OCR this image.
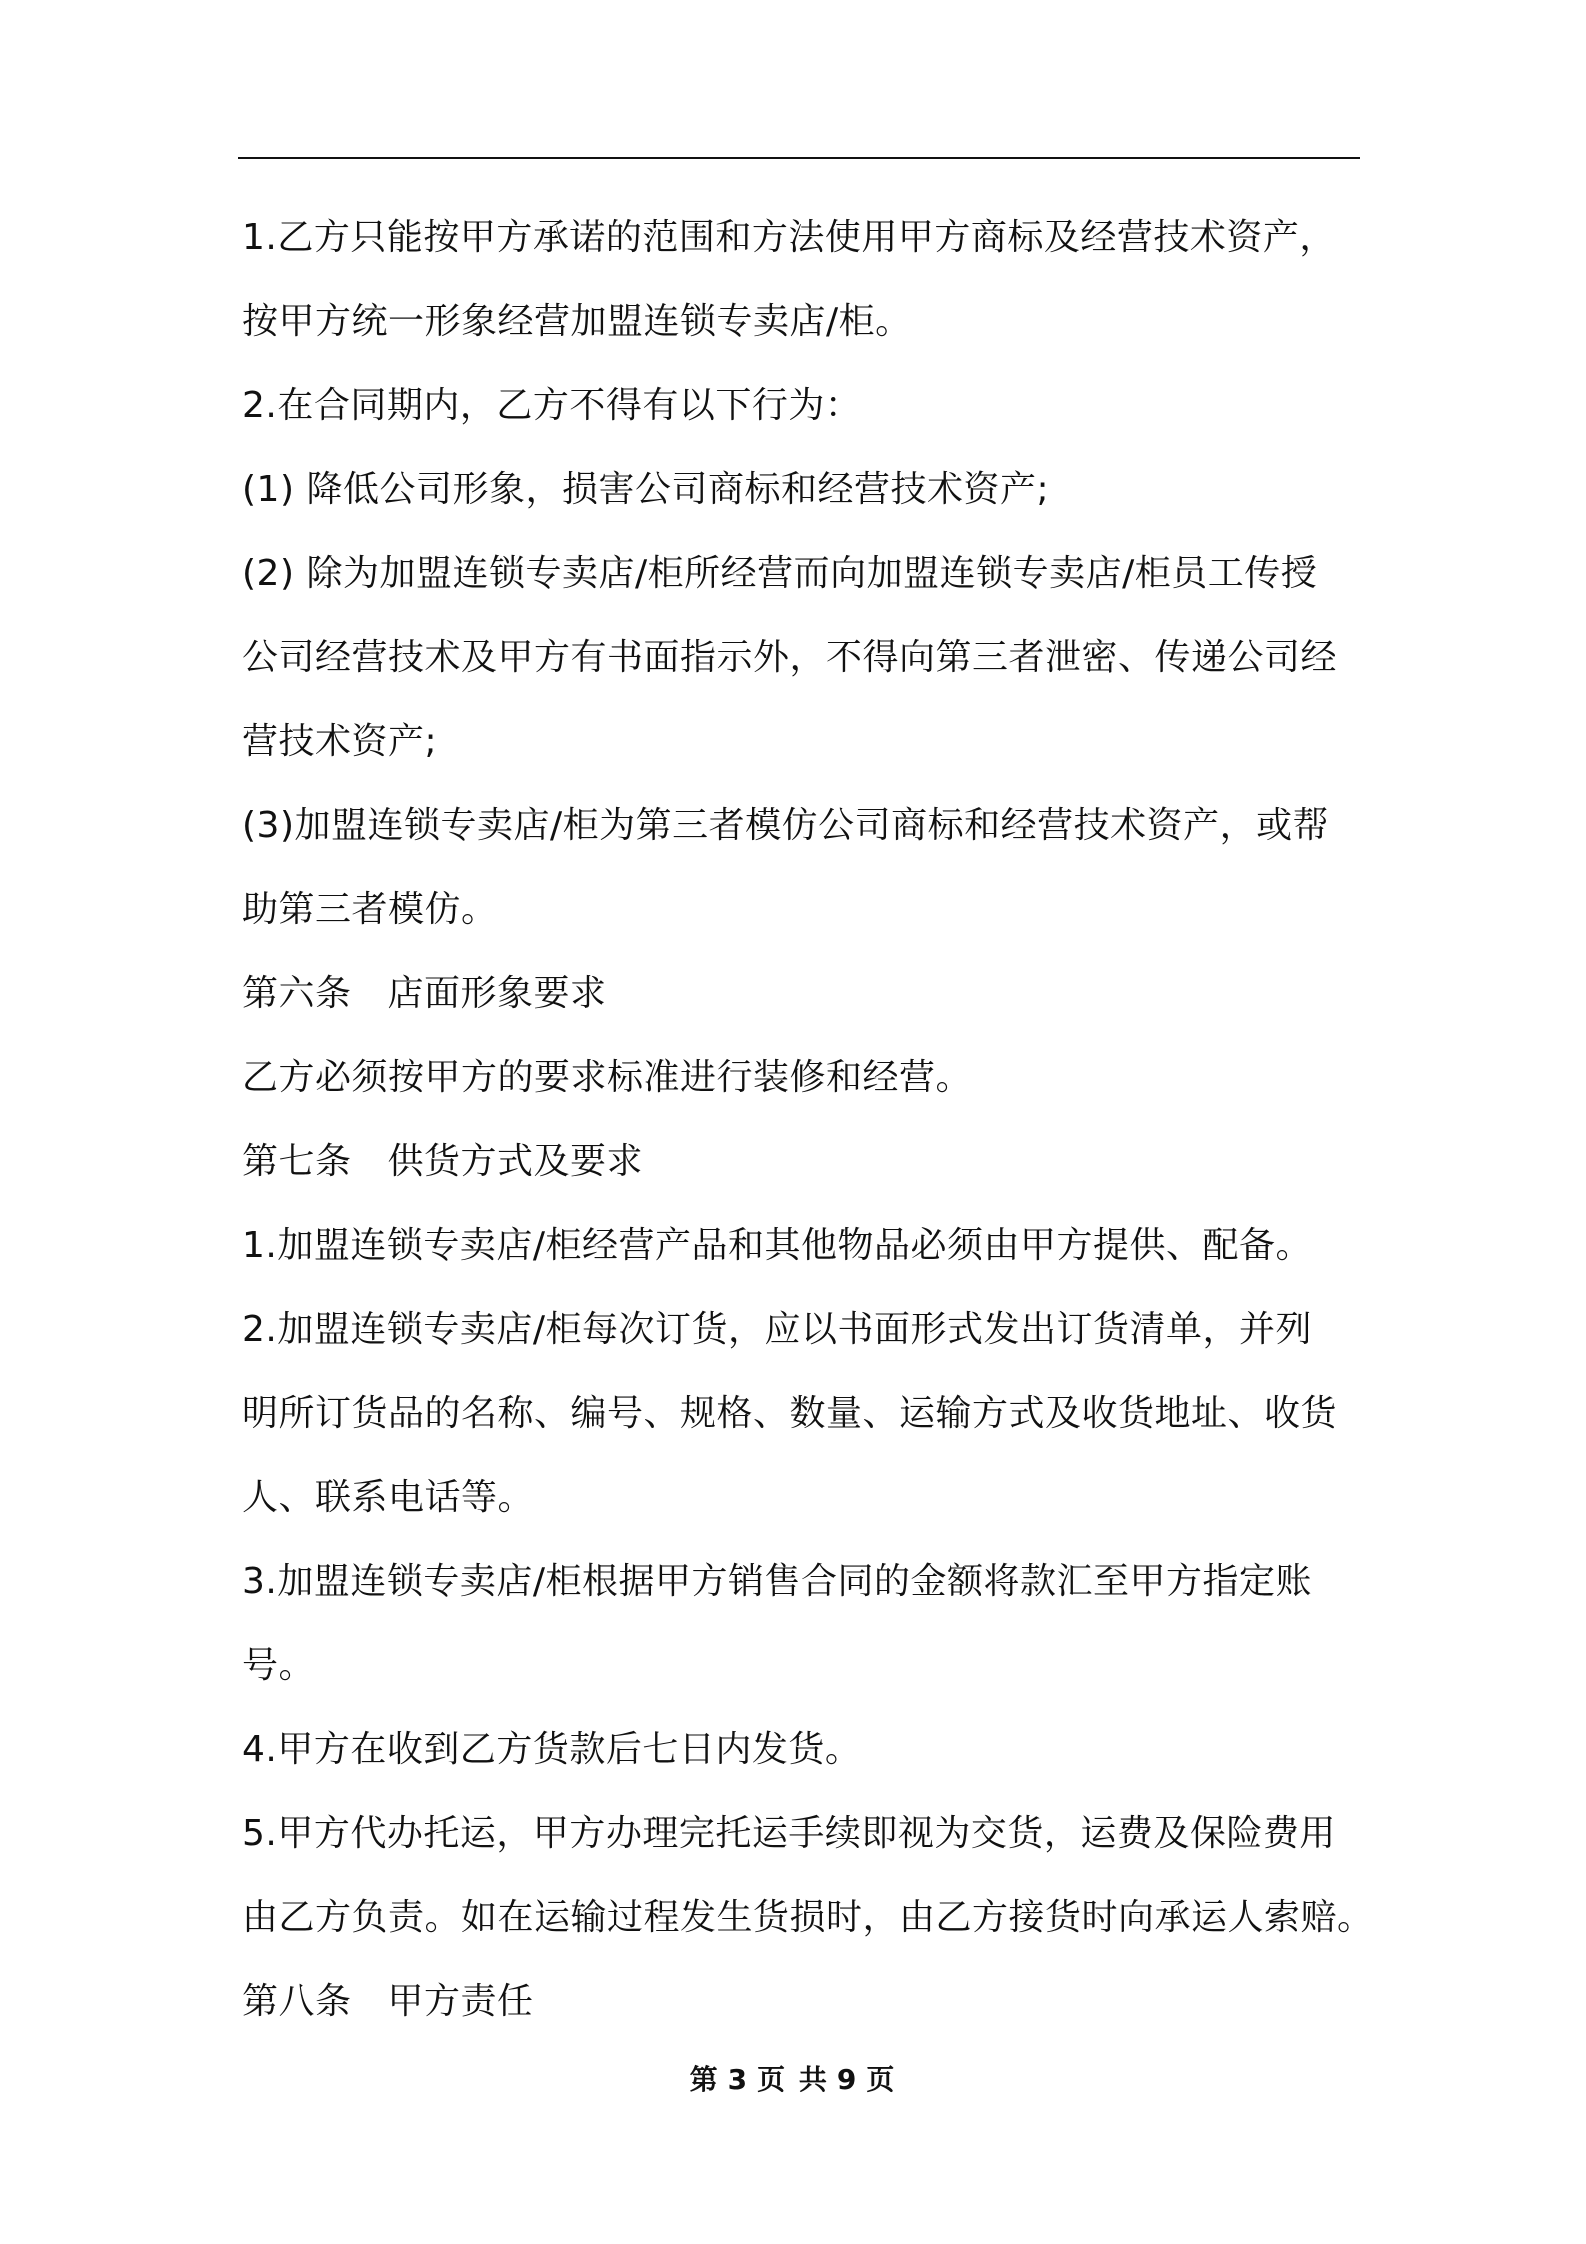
1.乙方只能按甲方承诺的范围和方法使用甲方商标及经营技术资产，
按甲方统一形象经营加盟连锁专卖店/柜。
2.在合同期内，乙方不得有以下行为：
(1) 降低公司形象，损害公司商标和经营技术资产;
(2) 除为加盟连锁专卖店/柜所经营而向加盟连锁专卖店/柜员工传授
公司经营技术及甲方有书面指示外，不得向第三者泄密、传递公司经
营技术资产;
(3)加盟连锁专卖店/柜为第三者模仿公司商标和经营技术资产，或帮
助第三者模仿。
第六条 店面形象要求
乙方必须按甲方的要求标准进行装修和经营。
第七条 供货方式及要求
1.加盟连锁专卖店/柜经营产品和其他物品必须由甲方提供、配备。
2.加盟连锁专卖店/柜每次订货，应以书面形式发出订货清单，并列
明所订货品的名称、编号、规格、数量、运输方式及收货地址、收货
人、联系电话等。
3.加盟连锁专卖店/柜根据甲方销售合同的金额将款汇至甲方指定账
号。
4.甲方在收到乙方货款后七日内发货。
5.甲方代办托运，甲方办理完托运手续即视为交货，运费及保险费用
由乙方负责。如在运输过程发生货损时，由乙方接货时向承运人索赔。
第八条 甲方责任
第 3 页 共 9 页
